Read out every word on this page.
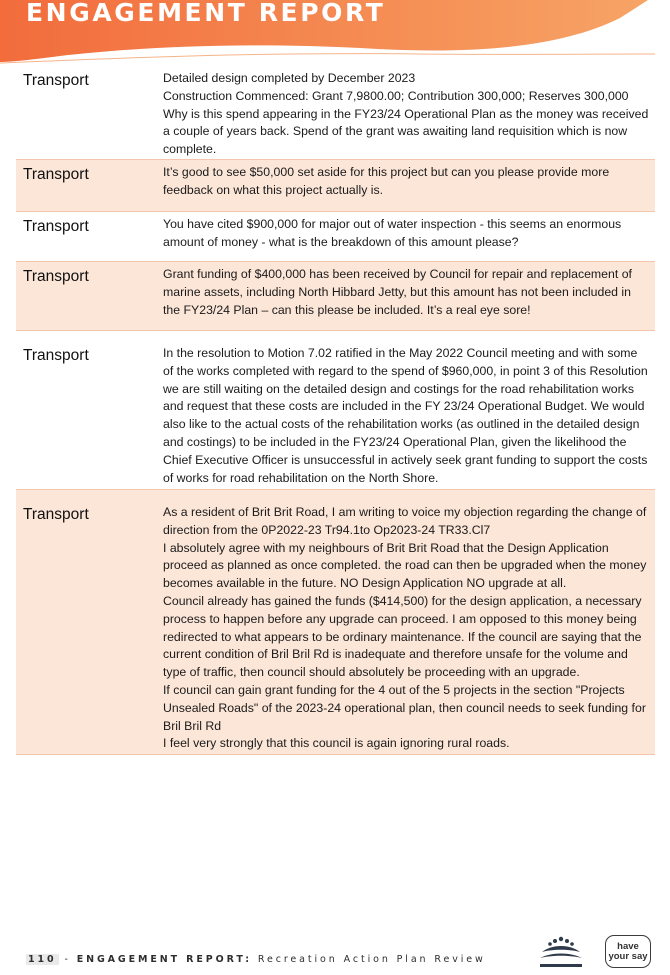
ENGAGEMENT REPORT
Transport	Detailed design completed by December 2023
Construction Commenced: Grant 7,9800.00; Contribution 300,000; Reserves 300,000
Why is this spend appearing in the FY23/24 Operational Plan as the money was received a couple of years back. Spend of the grant was awaiting land requisition which is now complete.
Transport	It’s good to see $50,000 set aside for this project but can you please provide more feedback on what this project actually is.
Transport	You have cited $900,000 for major out of water inspection - this seems an enormous amount of money - what is the breakdown of this amount please?
Transport	Grant funding of $400,000 has been received by Council for repair and replacement of marine assets, including North Hibbard Jetty, but this amount has not been included in the FY23/24 Plan – can this please be included. It’s a real eye sore!
Transport	In the resolution to Motion 7.02 ratified in the May 2022 Council meeting and with some of the works completed with regard to the spend of $960,000, in point 3 of this Resolution we are still waiting on the detailed design and costings for the road rehabilitation works and request that these costs are included in the FY 23/24 Operational Budget. We would also like to the actual costs of the rehabilitation works (as outlined in the detailed design and costings) to be included in the FY23/24 Operational Plan, given the likelihood the Chief Executive Officer is unsuccessful in actively seek grant funding to support the costs of works for road rehabilitation on the North Shore.
Transport	As a resident of Brit Brit Road, I am writing to voice my objection regarding the change of direction from the 0P2022-23 Tr94.1to Op2023-24 TR33.Cl7
I absolutely agree with my neighbours of Brit Brit Road that the Design Application proceed as planned as once completed. the road can then be upgraded when the money becomes available in the future. NO Design Application NO upgrade at all.
Council already has gained the funds ($414,500) for the design application, a necessary process to happen before any upgrade can proceed. I am opposed to this money being redirected to what appears to be ordinary maintenance. If the council are saying that the current condition of Bril Bril Rd is inadequate and therefore unsafe for the volume and type of traffic, then council should absolutely be proceeding with an upgrade.
If council can gain grant funding for the 4 out of the 5 projects in the section "Projects Unsealed Roads" of the 2023-24 operational plan, then council needs to seek funding for Bril Bril Rd
I feel very strongly that this council is again ignoring rural roads.
110 - ENGAGEMENT REPORT: Recreation Action Plan Review
have your say
